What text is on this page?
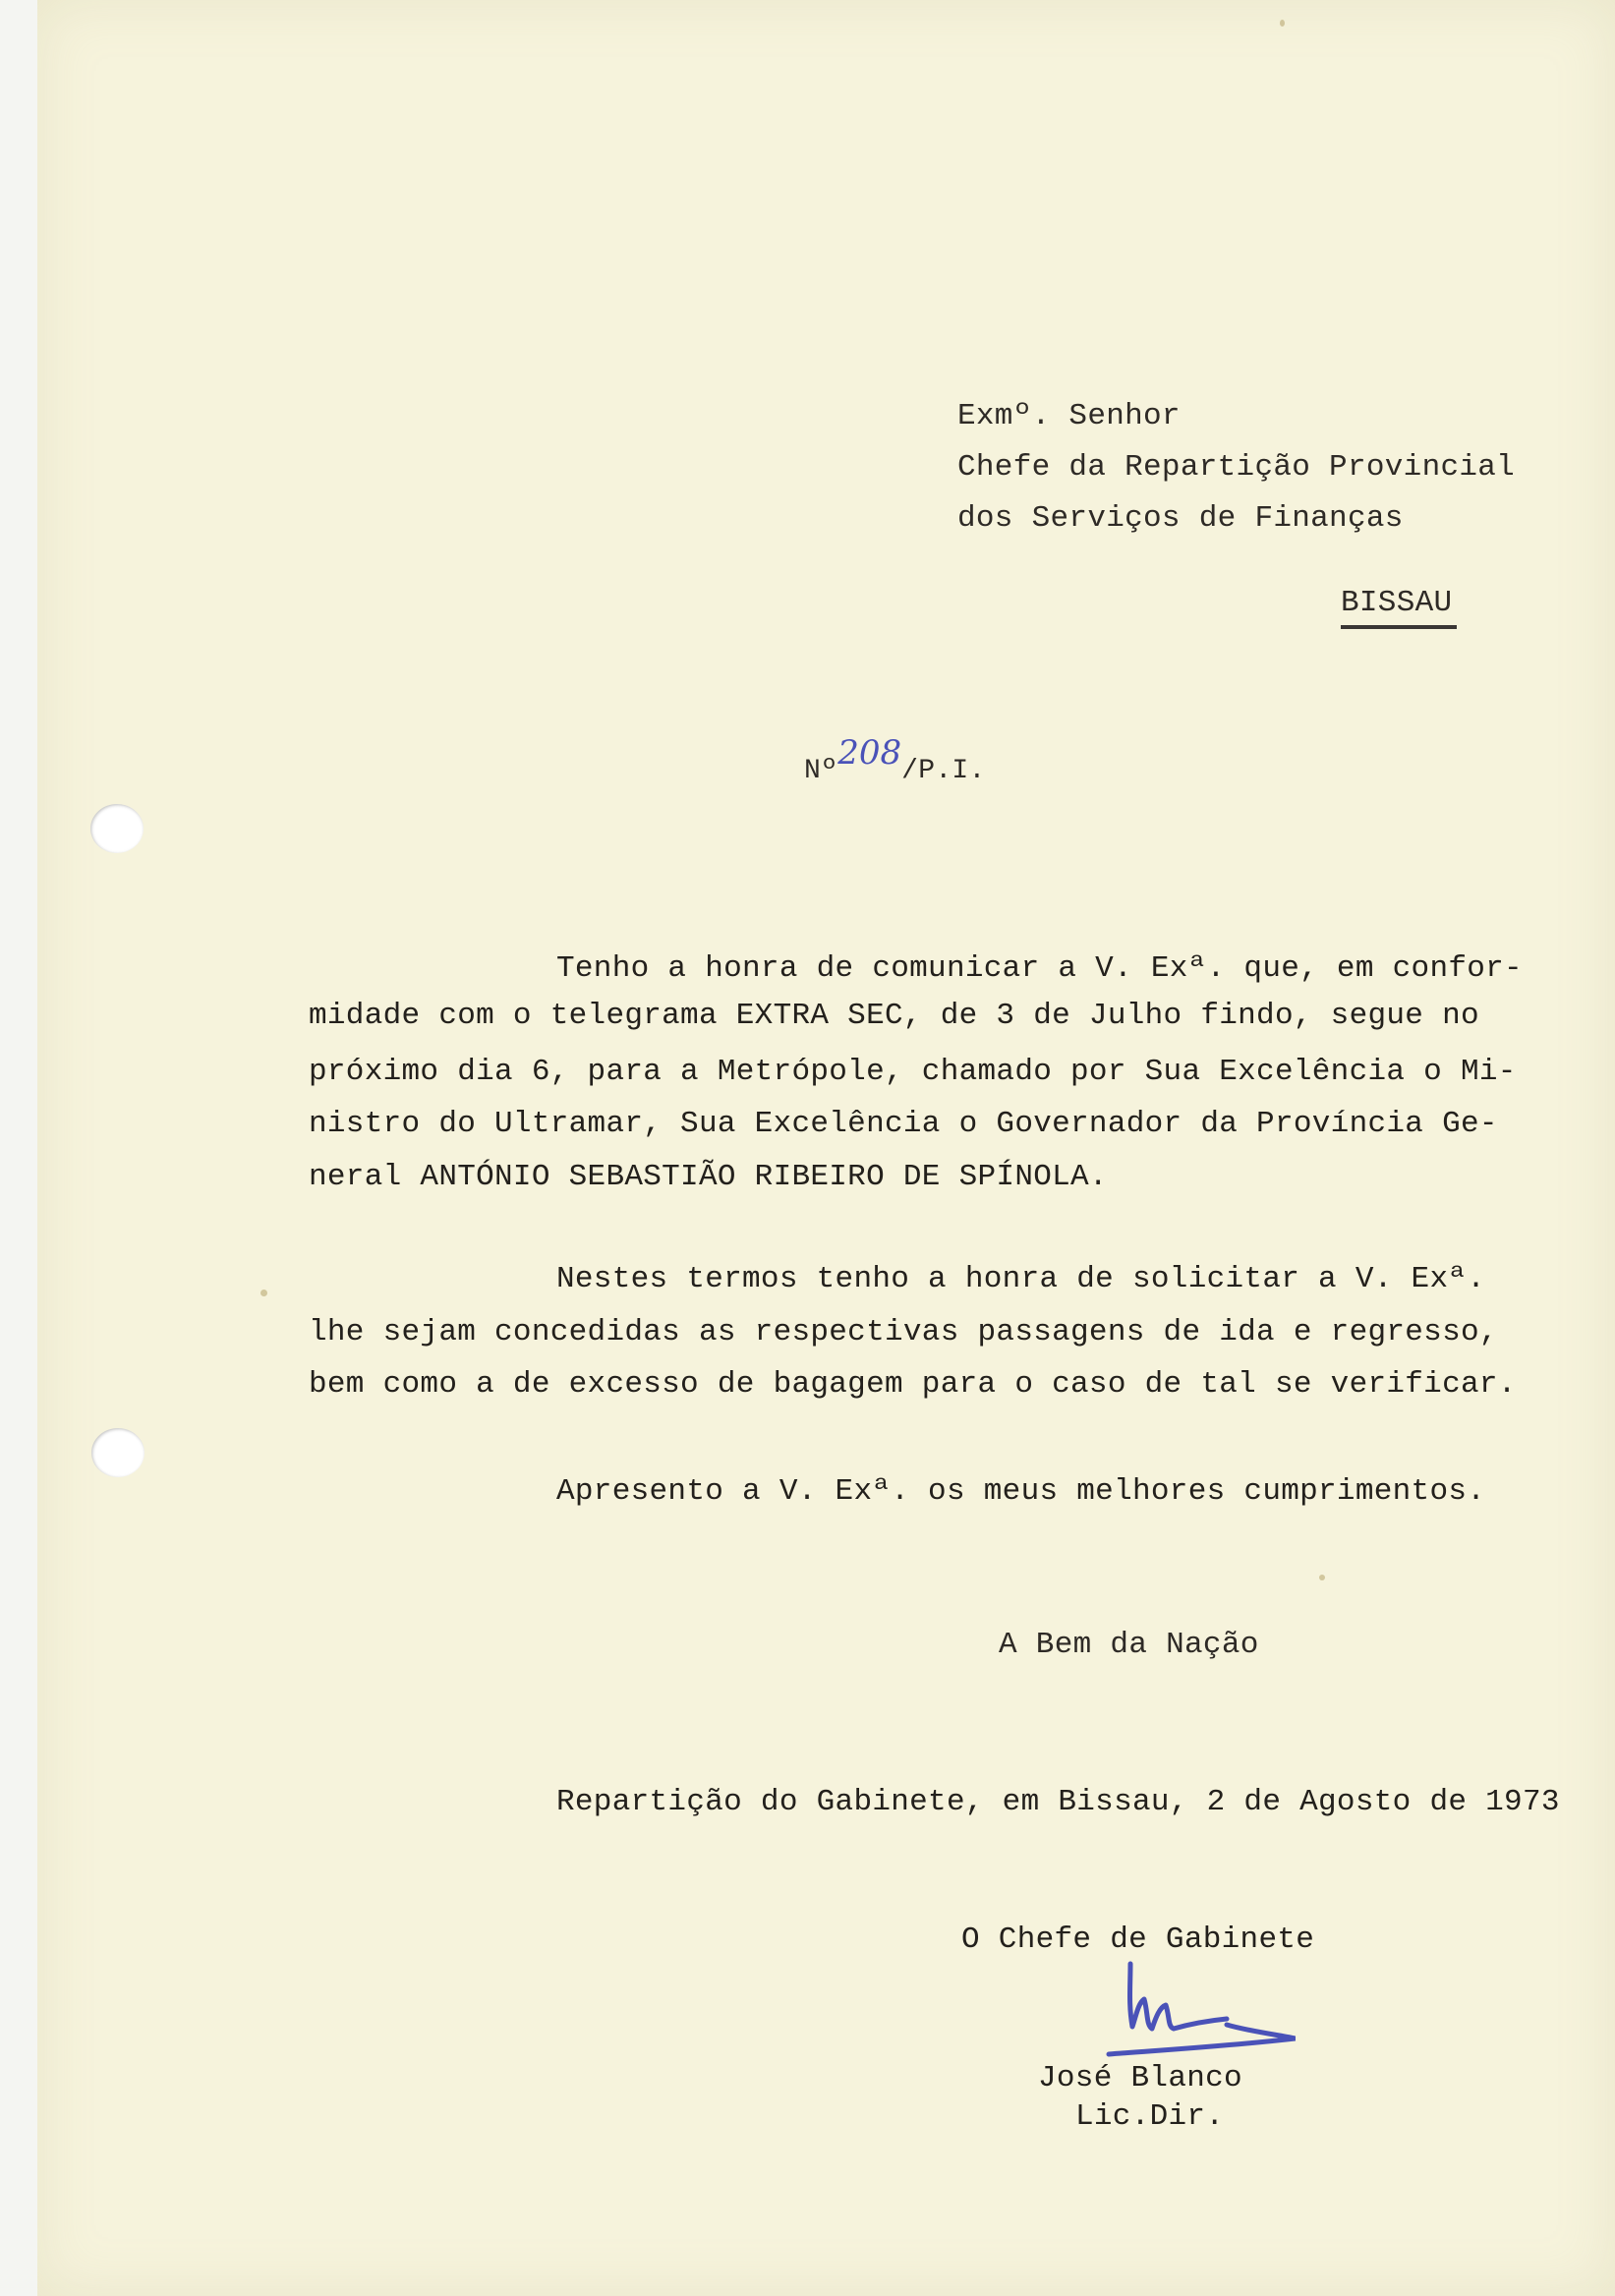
Exmº. Senhor
Chefe da Repartição Provincial
dos Serviços de Finanças
BISSAU
Nº208/P.I.
Tenho a honra de comunicar a V. Exª. que, em confor-
midade com o telegrama EXTRA SEC, de 3 de Julho findo, segue no
próximo dia 6, para a Metrópole, chamado por Sua Excelência o Mi-
nistro do Ultramar, Sua Excelência o Governador da Província Ge-
neral ANTÓNIO SEBASTIÃO RIBEIRO DE SPÍNOLA.
Nestes termos tenho a honra de solicitar a V. Exª.
lhe sejam concedidas as respectivas passagens de ida e regresso,
bem como a de excesso de bagagem para o caso de tal se verificar.
Apresento a V. Exª. os meus melhores cumprimentos.
A Bem da Nação
Repartição do Gabinete, em Bissau, 2 de Agosto de 1973
O Chefe de Gabinete
José Blanco
Lic.Dir.
